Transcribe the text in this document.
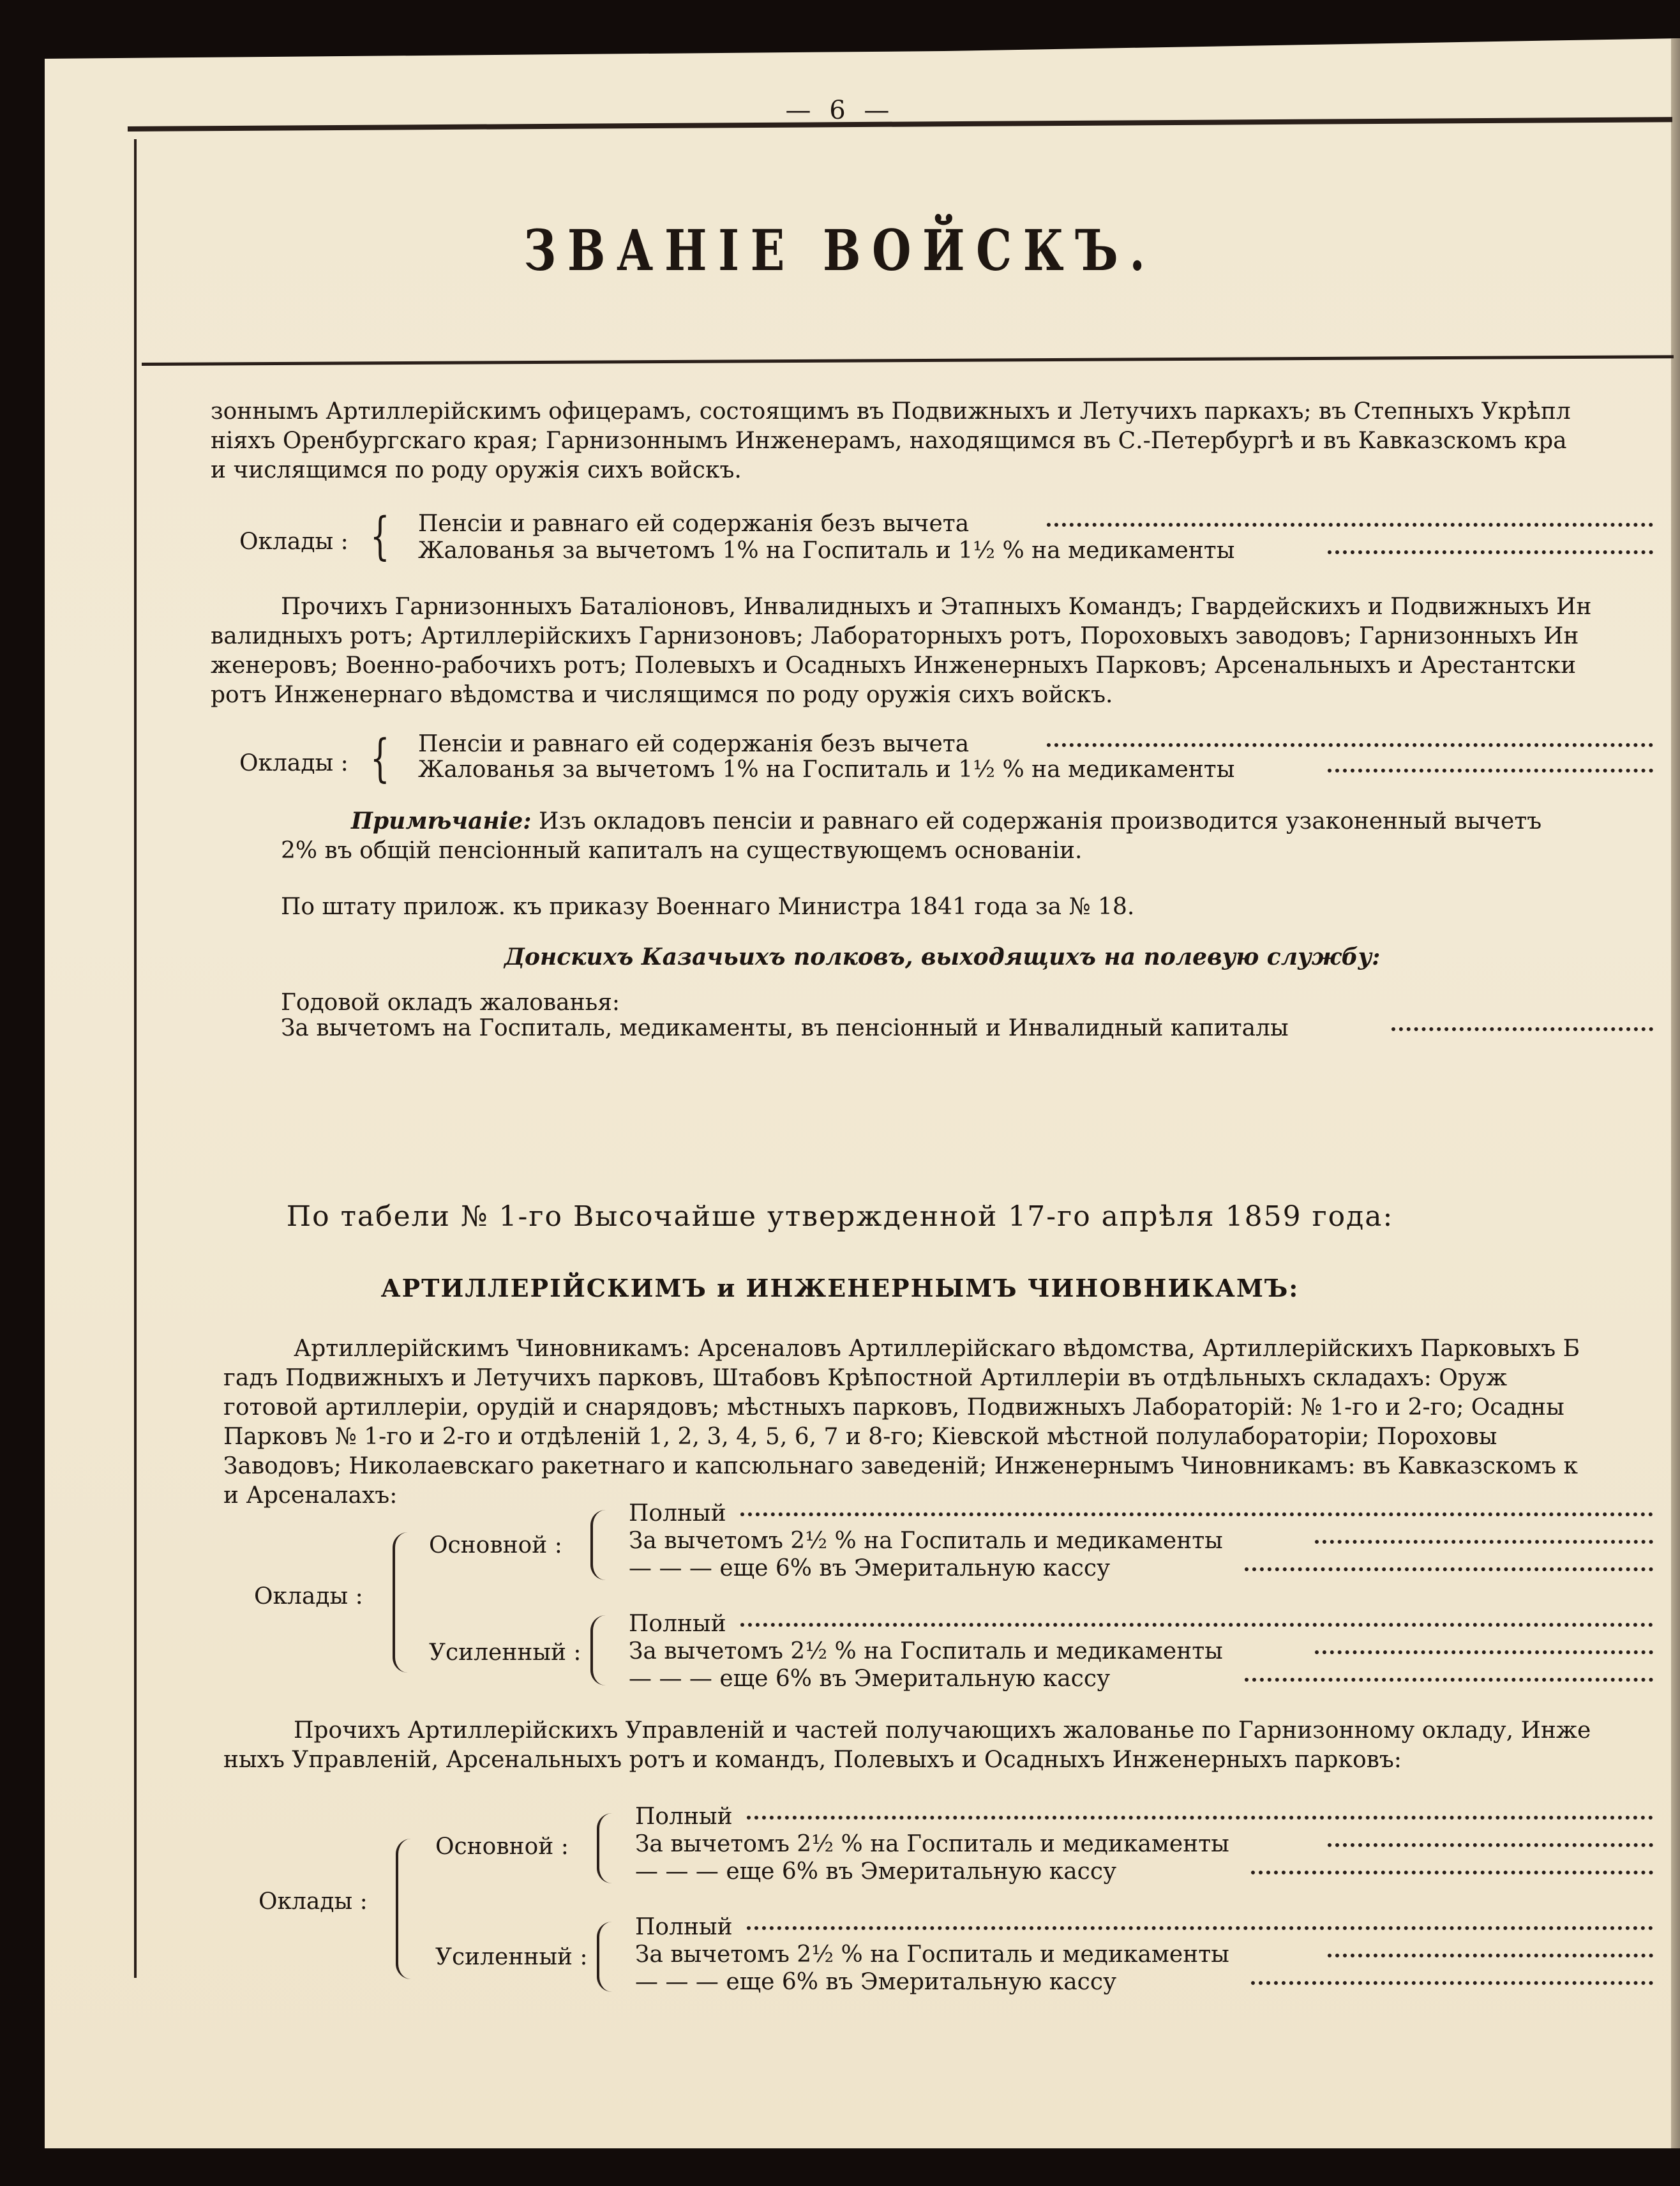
— 6 —
ЗВАНІЕ ВОЙСКЪ.
зоннымъ Артиллерійскимъ офицерамъ, состоящимъ въ Подвижныхъ и Летучихъ паркахъ; въ Степныхъ Укрѣпл
ніяхъ Оренбургскаго края; Гарнизоннымъ Инженерамъ, находящимся въ С.-Петербургѣ и въ Кавказскомъ кра
и числящимся по роду оружія сихъ войскъ.
Оклады : { Пенсіи и равнаго ей содержанія безъ вычета
Жалованья за вычетомъ 1% на Госпиталь и 1½ % на медикаменты
Прочихъ Гарнизонныхъ Баталіоновъ, Инвалидныхъ и Этапныхъ Командъ; Гвардейскихъ и Подвижныхъ Ин
валидныхъ ротъ; Артиллерійскихъ Гарнизоновъ; Лабораторныхъ ротъ, Пороховыхъ заводовъ; Гарнизонныхъ Ин
женеровъ; Военно-рабочихъ ротъ; Полевыхъ и Осадныхъ Инженерныхъ Парковъ; Арсенальныхъ и Арестантски
ротъ Инженернаго вѣдомства и числящимся по роду оружія сихъ войскъ.
Оклады : { Пенсіи и равнаго ей содержанія безъ вычета
Жалованья за вычетомъ 1% на Госпиталь и 1½ % на медикаменты
Примѣчаніе: Изъ окладовъ пенсіи и равнаго ей содержанія производится узаконенный вычетъ
2% въ общій пенсіонный капиталъ на существующемъ основаніи.
По штату прилож. къ приказу Военнаго Министра 1841 года за № 18.
Донскихъ Казачьихъ полковъ, выходящихъ на полевую службу:
Годовой окладъ жалованья:
За вычетомъ на Госпиталь, медикаменты, въ пенсіонный и Инвалидный капиталы
По табели № 1-го Высочайше утвержденной 17-го апрѣля 1859 года:
АРТИЛЛЕРІЙСКИМЪ и ИНЖЕНЕРНЫМЪ ЧИНОВНИКАМЪ:
Артиллерійскимъ Чиновникамъ: Арсеналовъ Артиллерійскаго вѣдомства, Артиллерійскихъ Парковыхъ Б
гадъ Подвижныхъ и Летучихъ парковъ, Штабовъ Крѣпостной Артиллеріи въ отдѣльныхъ складахъ: Оруж
готовой артиллеріи, орудій и снарядовъ; мѣстныхъ парковъ, Подвижныхъ Лабораторій: № 1-го и 2-го; Осадны
Парковъ № 1-го и 2-го и отдѣленій 1, 2, 3, 4, 5, 6, 7 и 8-го; Кіевской мѣстной полулабораторіи; Пороховы
Заводовъ; Николаевскаго ракетнаго и капсюльнаго заведеній; Инженернымъ Чиновникамъ: въ Кавказскомъ к
и Арсеналахъ:
Оклады :
Основной :
Полный
За вычетомъ 2½ % на Госпиталь и медикаменты
— — — еще 6% въ Эмеритальную кассу
Усиленный :
Полный
За вычетомъ 2½ % на Госпиталь и медикаменты
— — — еще 6% въ Эмеритальную кассу
Прочихъ Артиллерійскихъ Управленій и частей получающихъ жалованье по Гарнизонному окладу, Инже
ныхъ Управленій, Арсенальныхъ ротъ и командъ, Полевыхъ и Осадныхъ Инженерныхъ парковъ:
Оклады :
Основной :
Полный
За вычетомъ 2½ % на Госпиталь и медикаменты
— — — еще 6% въ Эмеритальную кассу
Усиленный :
Полный
За вычетомъ 2½ % на Госпиталь и медикаменты
— — — еще 6% въ Эмеритальную кассу
